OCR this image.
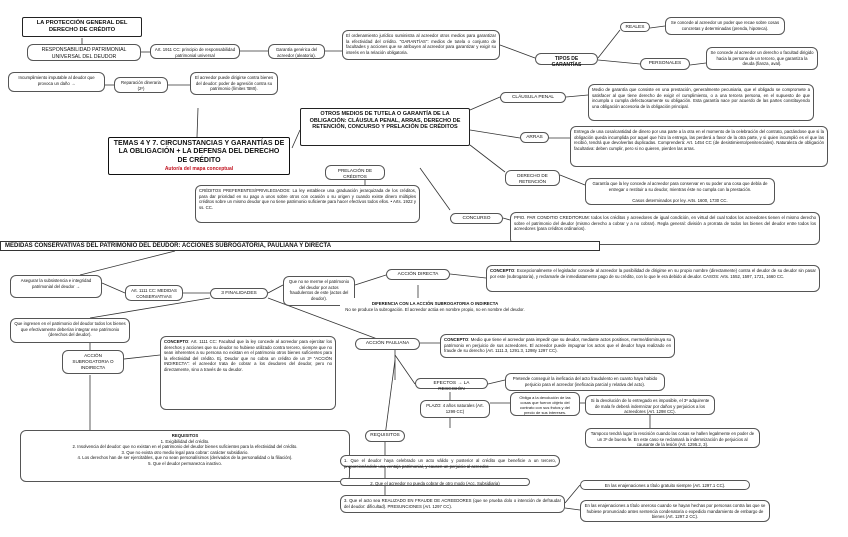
LA PROTECCIÓN GENERAL DEL DERECHO DE CRÉDITO
RESPONSABILIDAD PATRIMONIAL UNIVERSAL DEL DEUDOR
Art. 1911 CC: principio de responsabilidad patrimonial universal
Garantía genérica del acreedor (aleatoria).
El ordenamiento jurídico suministra al acreedor otros medios para garantizar la efectividad del crédito. "GARANTÍAS": medios de tutela o conjunto de facultades y acciones que se atribuyen al acreedor para garantizar y exigir su interés en la relación obligatoria.
TIPOS DE GARANTÍAS
REALES
Se concede al acreedor un poder que recae sobre cosas concretas y determinadas (prenda, hipoteca).
PERSONALES
Se concede al acreedor un derecho o facultad dirigido hacia la persona de un tercero, que garantiza la deuda (fianza, aval).
Incumplimiento imputable al deudor que provoca un daño →	Reparación dineraria (2º)
El acreedor puede dirigirse contra bienes del deudor: poder de agresión contra su patrimonio (límites 'BMI).
TEMAS 4 Y 7. CIRCUNSTANCIAS Y GARANTÍAS DE LA OBLIGACIÓN + LA DEFENSA DEL DERECHO DE CRÉDITO
Autor/a del mapa conceptual
OTROS MEDIOS DE TUTELA O GARANTÍA DE LA OBLIGACIÓN: CLÁUSULA PENAL, ARRAS, DERECHO DE RETENCIÓN, CONCURSO Y PRELACIÓN DE CRÉDITOS
CLÁUSULA PENAL
Medio de garantía que consiste en una prestación, generalmente pecuniaria, que el obligado se compromete a satisfacer al que tiene derecho de exigir el cumplimiento, o a una tercera persona, en el supuesto de que incumpla o cumpla defectuosamente su obligación. Esta garantía nace por acuerdo de las partes constituyendo una obligación accesoria de la obligación principal.
ARRAS
Entrega de una cosa/cantidad de dinero por una parte a la otra en el momento de la celebración del contrato, pactándose que si la obligación queda incumplida por aquel que hizo la entrega, las perderá a favor de la otra parte, y si quien incumplió es el que las recibió, tendrá que devolverlas duplicadas. Comprenderá: Art. 1454 CC (de desistimiento/penitenciales). Naturaleza de obligación facultativa: deben cumplir, pero si no quieren, pierden las arras.
DERECHO DE RETENCIÓN	Garantía que la ley concede al acreedor para conservar en su poder una cosa que debía de entregar o restituir a su deudor, mientras éste no cumpla con la prestación.

Casos determinados por ley. Arts. 1600, 1730 CC.
PRELACIÓN DE CRÉDITOS
CRÉDITOS PREFERENTES/PRIVILEGIADOS: La ley establece una graduación jerarquizada de los créditos, para dar prioridad en su pago a unos sobre otros con ocasión o su origen y cuando existe dinero múltiples créditos sobre un mismo deudor que no tiene patrimonio suficiente para hacer efectivos todos ellos. • Arts. 1922 y ss. CC.
CONCURSO	PPIO. PAR CONDITIO CREDITORUM: todos los créditos y acreedores de igual condición, en virtud del cual todos los acreedores tienen el mismo derecho sobre el patrimonio del deudor (mismo derecho a cobrar y a no cobrar). Regla general: división a prorrata de todos los bienes del deudor entre todos los acreedores (para créditos ordinarios).
MEDIDAS CONSERVATIVAS DEL PATRIMONIO DEL DEUDOR: ACCIONES SUBROGATORIA, PAULIANA Y DIRECTA
Asegurar la subsistencia e integridad patrimonial del deudor →
Art. 1111 CC: MEDIDAS CONSERVATIVAS	3 FINALIDADES
Que no se merme el patrimonio del deudor por actos fraudulentos de este (actos del deudor).
ACCIÓN DIRECTA
CONCEPTO: Excepcionalmente el legislador concede al acreedor la posibilidad de dirigirse en su propio nombre (directamente) contra el deudor de su deudor sin pasar por este (subrogatoria), y reclamarle de inmediatamente pago de su crédito, con lo que le era debido al deudor. CASOS: Arts. 1552, 1597, 1721, 1660 CC.
DIFERENCIA CON LA ACCIÓN SUBROGATORIA O INDIRECTA
No se produce la subrogación. El acreedor actúa en nombre propio, no en nombre del deudor.
Que ingresen en el patrimonio del deudor todos los bienes que efectivamente deberían integrar ese patrimonio (derechos del deudor).
ACCIÓN SUBROGATORIA O INDIRECTA
CONCEPTO: Art. 1111 CC: Facultad que la ley concede al acreedor para ejercitar los derechos y acciones que su deudor no hubiese utilizado contra tercero, siempre que no sean inherentes a su persona no existan en el patrimonio otros bienes suficientes para la efectividad del crédito. Ej. Deudor que no cobra un crédito de un 3º "ACCIÓN INDIRECTA": el acreedor trata de cobrar a los deudores del deudor, pero no directamente, sino a través de su deudor.
REQUISITOS
1. Exigibilidad del crédito.
2. Insolvencia del deudor: que no existan en el patrimonio del deudor bienes suficientes para la efectividad del crédito.
3. Que no exista otro medio legal para cobrar: carácter subsidiario.
4. Los derechos han de ser ejercitables, que no sean personalísimos (derivados de la personalidad o la filiación).
5. Que el deudor permanezca inactivo.
ACCIÓN PAULIANA
CONCEPTO: Medio que tiene el acreedor para impedir que su deudor, mediante actos positivos, merme/disminuya su patrimonio en perjuicio de sus acreedores. El acreedor puede impugnar los actos que el deudor haya realizado en fraude de su derecho (Art. 1111.3, 1291.3, 1298y 1297 CC).
EFECTOS → LA RESCISIÓN
Pretende conseguir la ineficacia del acto fraudulento en cuanto haya habido perjuicio para el acreedor (ineficacia parcial y relativa del acto).
Obliga a la devolución de las cosas que fueron objeto del contrato con sus frutos y del precio de sus intereses.
Si la devolución de lo entregado es imposible, el 3º adquirente de mala fe deberá indemnizar por daños y perjuicios a los acreedores (Art. 1298 CC).
PLAZO: 4 años naturales (Art. 1299 CC)
Tampoco tendrá lugar la rescisión cuando las cosas se hallen legalmente en poder de un 3º de buena fe. En este caso se reclamará la indemnización de perjuicios al causante de la lesión (Art. 1295.2, 3).
REQUISITOS
1. Que el deudor haya celebrado un acto válido y posterior al crédito que beneficie a un tercero, proporcionándole una ventaja patrimonial, y causen un perjuicio al acreedor.
2. Que el acreedor no pueda cobrar de otro modo (Acc. Subsidiaria)
3. Que el acto sea REALIZADO EN FRAUDE DE ACREEDORES (que se prueba dolo o intención de defraudar del deudor: dificultad). PRESUNCIONES (Art. 1297 CC).
En las enajenaciones a título gratuito siempre (Art. 1297.1 CC).
En las enajenaciones a título oneroso cuando se hayan hechas por personas contra las que se hubiese pronunciado antes sentencia condenatoria o expedido mandamiento de embargo de bienes (Art. 1297.2 CC).
